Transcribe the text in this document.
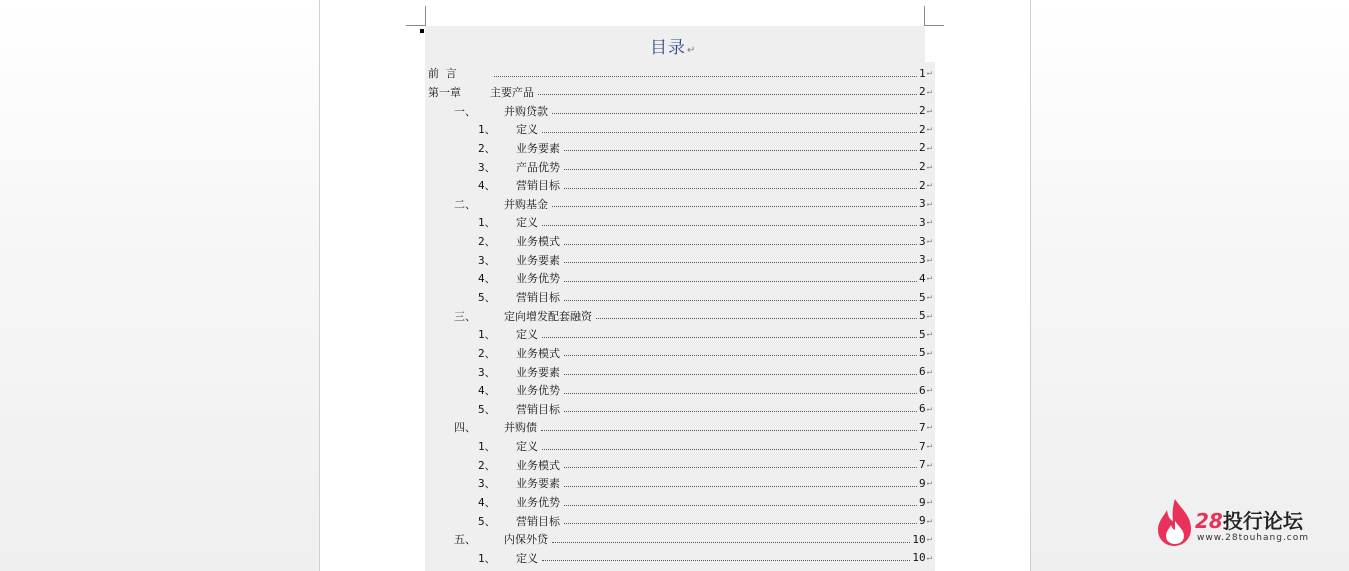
目录↵
前 言	1 ↵
第一章	主要产品	2 ↵
一、	并购贷款	2 ↵
1、	定义	2 ↵
2、	业务要素	2 ↵
3、	产品优势	2 ↵
4、	营销目标	2 ↵
二、	并购基金	3 ↵
1、	定义	3 ↵
2、	业务模式	3 ↵
3、	业务要素	3 ↵
4、	业务优势	4 ↵
5、	营销目标	5 ↵
三、	定向增发配套融资	5 ↵
1、	定义	5 ↵
2、	业务模式	5 ↵
3、	业务要素	6 ↵
4、	业务优势	6 ↵
5、	营销目标	6 ↵
四、	并购债	7 ↵
1、	定义	7 ↵
2、	业务模式	7 ↵
3、	业务要素	9 ↵
4、	业务优势	9 ↵
5、	营销目标	9 ↵
五、	内保外贷	10 ↵
1、	定义	10 ↵
28投行论坛
www.28touhang.com
